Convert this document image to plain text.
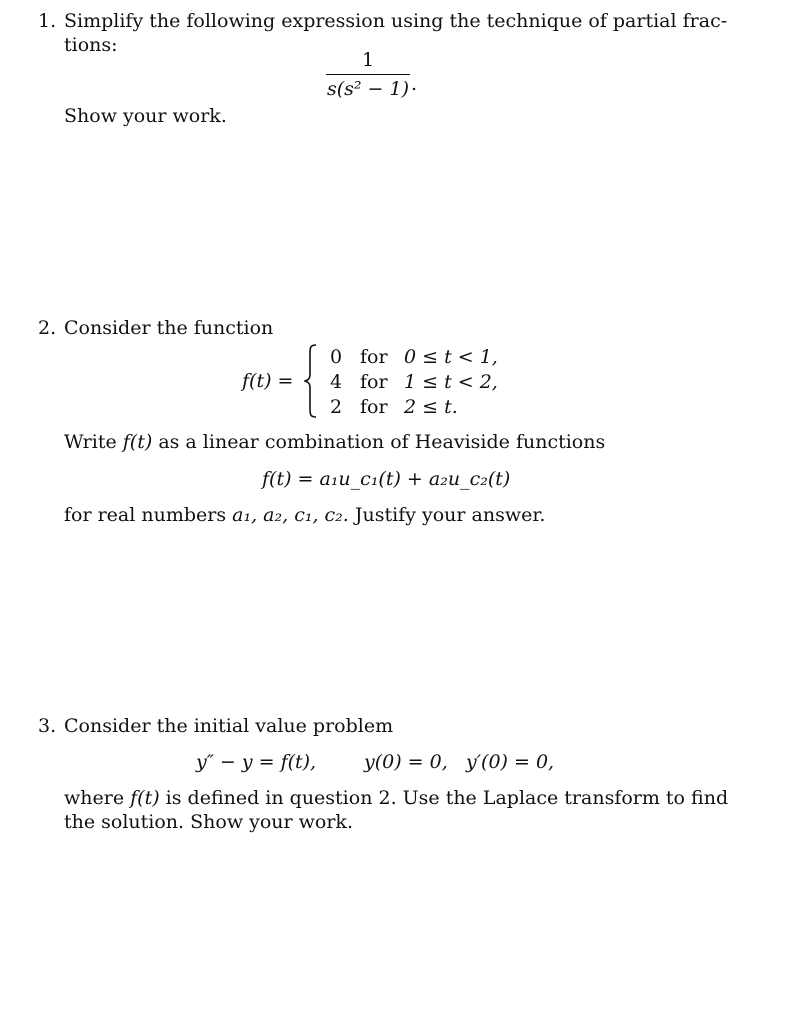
1. Simplify the following expression using the technique of partial frac-
tions:
1
s(s² − 1) .
Show your work.
2. Consider the function
f(t) =
0 for 0 ≤ t < 1,
4 for 1 ≤ t < 2,
2 for 2 ≤ t.
Write f(t) as a linear combination of Heaviside functions
f(t) = a₁u_c₁(t) + a₂u_c₂(t)
for real numbers a₁, a₂, c₁, c₂. Justify your answer.
3. Consider the initial value problem
y″ − y = f(t),	y(0) = 0, y′(0) = 0,
where f(t) is defined in question 2. Use the Laplace transform to find
the solution. Show your work.
